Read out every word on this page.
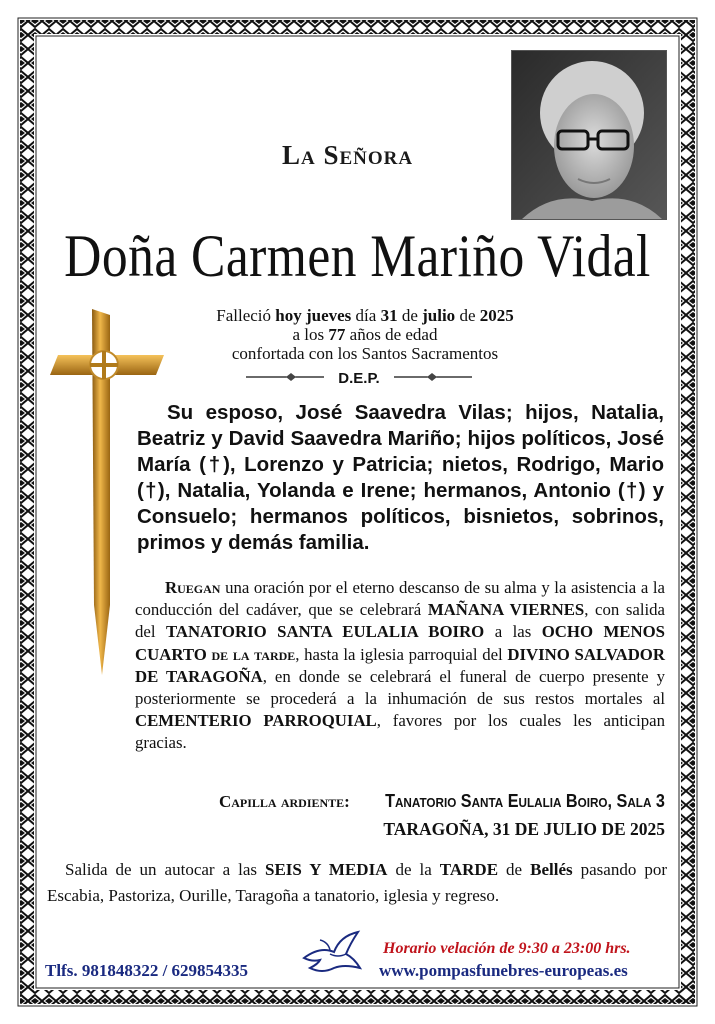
La Señora
Doña Carmen Mariño Vidal
Falleció hoy jueves día 31 de julio de 2025
a los 77 años de edad
confortada con los Santos Sacramentos
D.E.P.
Su esposo, José Saavedra Vilas; hijos, Natalia, Beatriz y David Saavedra Mariño; hijos políticos, José María (†), Lorenzo y Patricia; nietos, Rodrigo, Mario (†), Natalia, Yolanda e Irene; hermanos, Antonio (†) y Consuelo; hermanos políticos, bisnietos, sobrinos, primos y demás familia.
Ruegan una oración por el eterno descanso de su alma y la asistencia a la conducción del cadáver, que se celebrará MAÑANA VIERNES, con salida del TANATORIO SANTA EULALIA BOIRO a las OCHO MENOS CUARTO de la tarde, hasta la iglesia parroquial del DIVINO SALVADOR DE TARAGOÑA, en donde se celebrará el funeral de cuerpo presente y posteriormente se procederá a la inhumación de sus restos mortales al CEMENTERIO PARROQUIAL, favores por los cuales les anticipan gracias.
Capilla ardiente: Tanatorio Santa Eulalia Boiro, Sala 3
TARAGOÑA, 31 DE JULIO DE 2025
Salida de un autocar a las SEIS Y MEDIA de la TARDE de Bellés pasando por Escabia, Pastoriza, Ourille, Taragoña a tanatorio, iglesia y regreso.
Tlfs. 981848322 / 629854335
Horario velación de 9:30 a 23:00 hrs.
www.pompasfunebres-europeas.es
